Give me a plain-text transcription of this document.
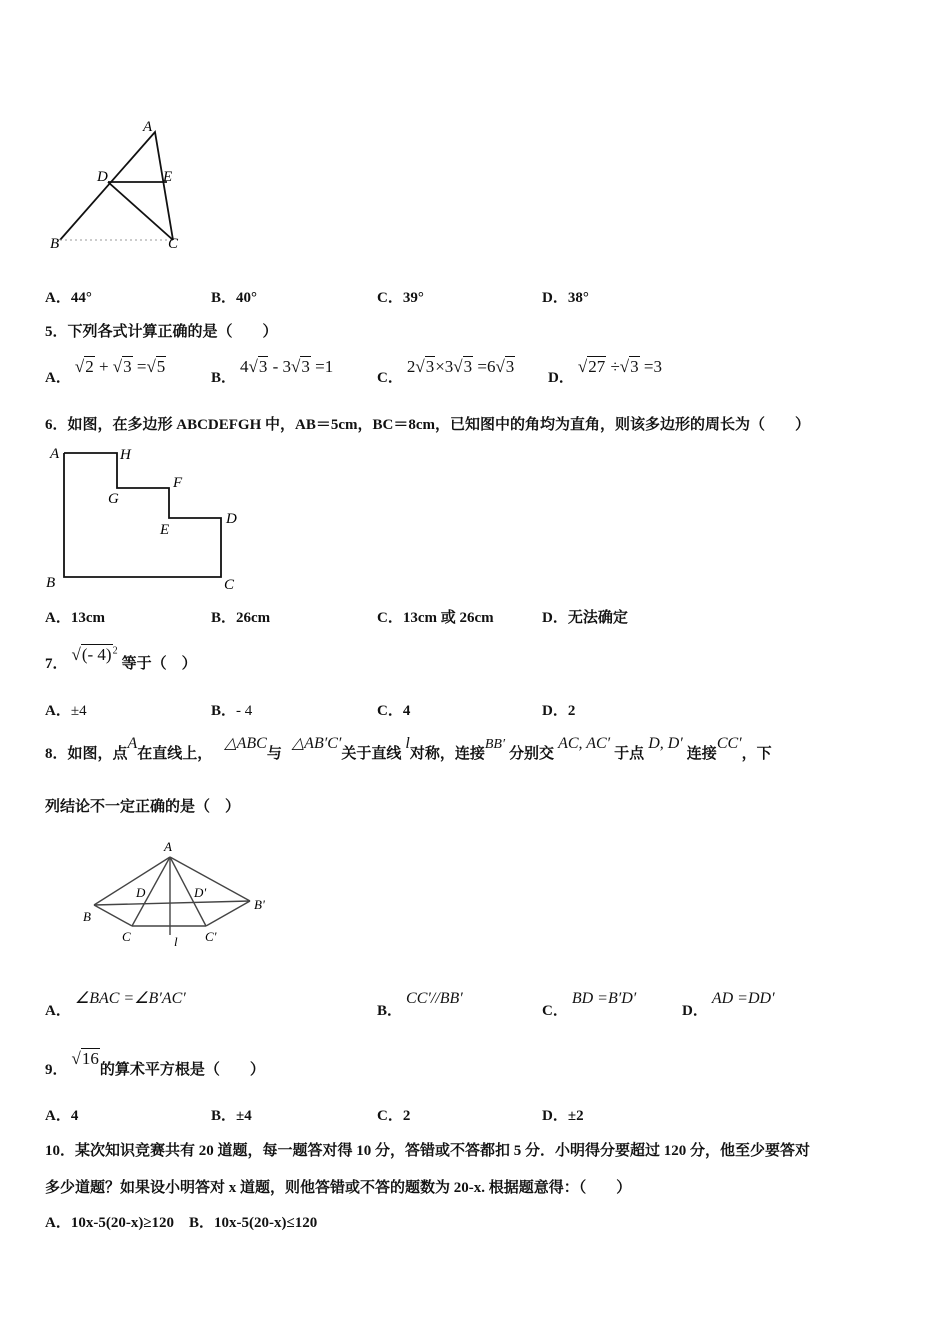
A
D	E
B	C
A．44°	B．40°	C．39°	D．38°
5．下列各式计算正确的是（　　）
A． √2 + √3 =√5
B． 4√3 - 3√3 =1
C． 2√3×3√3 =6√3
D． √27 ÷√3 =3
6．如图，在多边形 ABCDEFGH 中，AB＝5cm，BC＝8cm，已知图中的角均为直角，则该多边形的周长为（　　）
A	H
F
G
E
D
B	C
A．13cm	B．26cm	C．13cm 或 26cm	D．无法确定
7． √(- 4)$^2$ 等于（　）
A．±4	B．- 4	C．4	D．2
8．如图，点A在直线上， △ABC与△AB′C′关于直线 l对称，连接BB′ 分别交AC, AC′于点D, D′ 连接CC′，下
列结论不一定正确的是（　）
A
D	D'
B
B'
C	l C'
A． ∠BAC =∠B′AC′
B． CC′//BB′
C． BD =B′D′
D． AD =DD′
9． √16的算术平方根是（　　）
A．4	B．±4	C．2	D．±2
10．某次知识竞赛共有 20 道题，每一题答对得 10 分，答错或不答都扣 5 分．小明得分要超过 120 分，他至少要答对
多少道题？如果设小明答对 x 道题，则他答错或不答的题数为 20-x. 根据题意得：（　　）
A．10x-5(20-x)≥120　B．10x-5(20-x)≤120
